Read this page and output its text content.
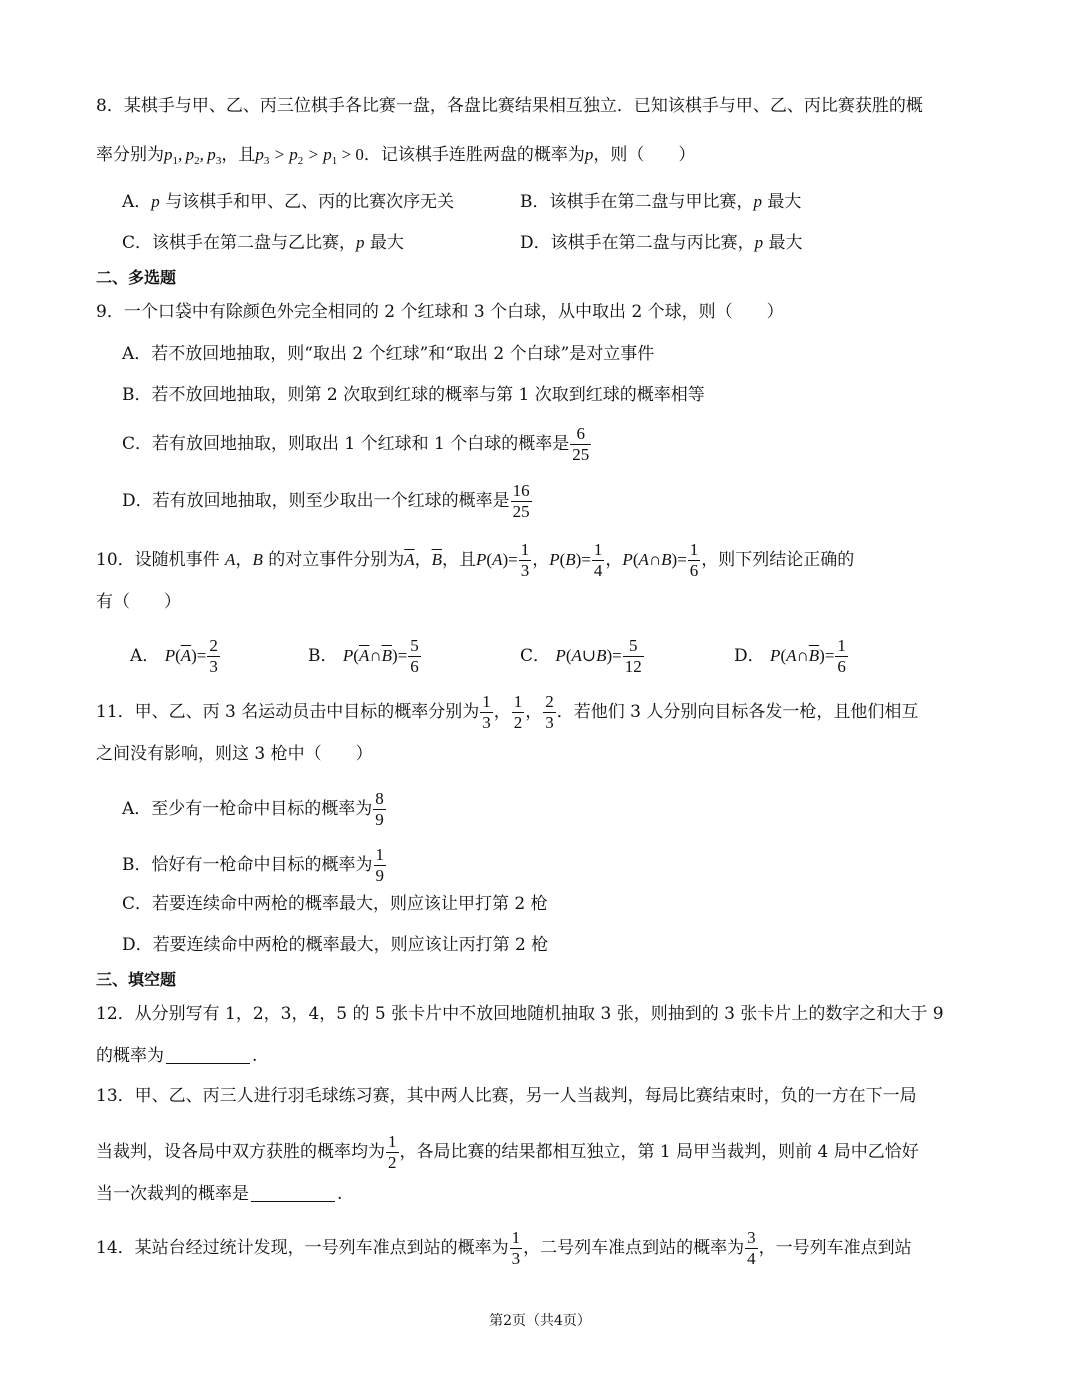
8．某棋手与甲、乙、丙三位棋手各比赛一盘，各盘比赛结果相互独立．已知该棋手与甲、乙、丙比赛获胜的概
率分别为$p_1$, $p_2$, $p_3$，且$p_3 > p_2 > p_1 > 0$．记该棋手连胜两盘的概率为p，则（　　）
A．p 与该棋手和甲、乙、丙的比赛次序无关	B．该棋手在第二盘与甲比赛，p 最大
C．该棋手在第二盘与乙比赛，p 最大	D．该棋手在第二盘与丙比赛，p 最大
二、多选题
9．一个口袋中有除颜色外完全相同的 2 个红球和 3 个白球，从中取出 2 个球，则（　　）
A．若不放回地抽取，则“取出 2 个红球”和“取出 2 个白球”是对立事件
B．若不放回地抽取，则第 2 次取到红球的概率与第 1 次取到红球的概率相等
C．若有放回地抽取，则取出 1 个红球和 1 个白球的概率是 $\frac{6}{25}$
D．若有放回地抽取，则至少取出一个红球的概率是 $\frac{16}{25}$
10．设随机事件 A，B 的对立事件分别为$\overline{A}$，$\overline{B}$，且$P(A)= \frac{1}{3}$ ，$P(B)= \frac{1}{4}$ ，P(A∩B)= $\frac{1}{6}$ ，则下列结论正确的
有（　　）
A． $P(\overline{A})= \frac{2}{3}$	B． $P(\overline{A}\cap\overline{B})= \frac{5}{6}$	C． P(A∪B)= $\frac{5}{12}$	D． $P(A\cap\overline{B})= \frac{1}{6}$
11．甲、乙、丙 3 名运动员击中目标的概率分别为 $\frac{1}{3}$ ， $\frac{1}{2}$ ， $\frac{2}{3}$ ．若他们 3 人分别向目标各发一枪，且他们相互
之间没有影响，则这 3 枪中（　　）
A．至少有一枪命中目标的概率为 $\frac{8}{9}$
B．恰好有一枪命中目标的概率为 $\frac{1}{9}$
C．若要连续命中两枪的概率最大，则应该让甲打第 2 枪
D．若要连续命中两枪的概率最大，则应该让丙打第 2 枪
三、填空题
12．从分别写有 1，2，3，4，5 的 5 张卡片中不放回地随机抽取 3 张，则抽到的 3 张卡片上的数字之和大于 9
的概率为	.
13．甲、乙、丙三人进行羽毛球练习赛，其中两人比赛，另一人当裁判，每局比赛结束时，负的一方在下一局
当裁判，设各局中双方获胜的概率均为 $\frac{1}{2}$ ，各局比赛的结果都相互独立，第 1 局甲当裁判，则前 4 局中乙恰好
当一次裁判的概率是	.
14．某站台经过统计发现，一号列车准点到站的概率为 $\frac{1}{3}$ ，二号列车准点到站的概率为 $\frac{3}{4}$ ，一号列车准点到站
第2页（共4页）
